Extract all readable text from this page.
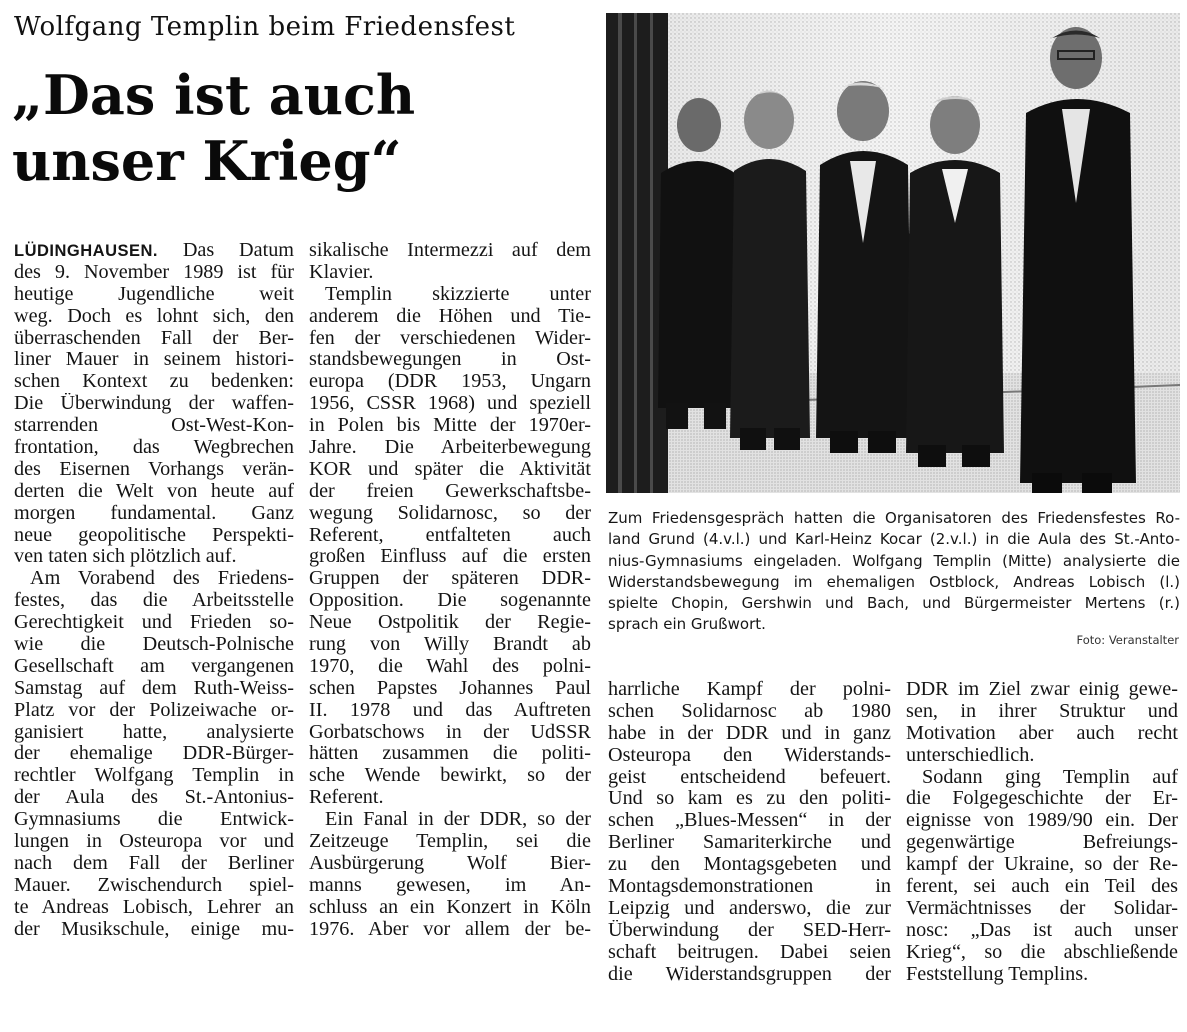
Wolfgang Templin beim Friedensfest
„Das ist auch
unser Krieg“
LÜDINGHAUSEN. Das Datum
des 9. November 1989 ist für
heutige Jugendliche weit
weg. Doch es lohnt sich, den
überraschenden Fall der Ber-
liner Mauer in seinem histori-
schen Kontext zu bedenken:
Die Überwindung der waffen-
starrenden Ost-West-Kon-
frontation, das Wegbrechen
des Eisernen Vorhangs verän-
derten die Welt von heute auf
morgen fundamental. Ganz
neue geopolitische Perspekti-
ven taten sich plötzlich auf.
Am Vorabend des Friedens-
festes, das die Arbeitsstelle
Gerechtigkeit und Frieden so-
wie die Deutsch-Polnische
Gesellschaft am vergangenen
Samstag auf dem Ruth-Weiss-
Platz vor der Polizeiwache or-
ganisiert hatte, analysierte
der ehemalige DDR-Bürger-
rechtler Wolfgang Templin in
der Aula des St.-Antonius-
Gymnasiums die Entwick-
lungen in Osteuropa vor und
nach dem Fall der Berliner
Mauer. Zwischendurch spiel-
te Andreas Lobisch, Lehrer an
der Musikschule, einige mu-
sikalische Intermezzi auf dem
Klavier.
Templin skizzierte unter
anderem die Höhen und Tie-
fen der verschiedenen Wider-
standsbewegungen in Ost-
europa (DDR 1953, Ungarn
1956, CSSR 1968) und speziell
in Polen bis Mitte der 1970er-
Jahre. Die Arbeiterbewegung
KOR und später die Aktivität
der freien Gewerkschaftsbe-
wegung Solidarnosc, so der
Referent, entfalteten auch
großen Einfluss auf die ersten
Gruppen der späteren DDR-
Opposition. Die sogenannte
Neue Ostpolitik der Regie-
rung von Willy Brandt ab
1970, die Wahl des polni-
schen Papstes Johannes Paul
II. 1978 und das Auftreten
Gorbatschows in der UdSSR
hätten zusammen die politi-
sche Wende bewirkt, so der
Referent.
Ein Fanal in der DDR, so der
Zeitzeuge Templin, sei die
Ausbürgerung Wolf Bier-
manns gewesen, im An-
schluss an ein Konzert in Köln
1976. Aber vor allem der be-
Zum Friedensgespräch hatten die Organisatoren des Friedensfestes Ro-
land Grund (4.v.l.) und Karl-Heinz Kocar (2.v.l.) in die Aula des St.-Anto-
nius-Gymnasiums eingeladen. Wolfgang Templin (Mitte) analysierte die
Widerstandsbewegung im ehemaligen Ostblock, Andreas Lobisch (l.)
spielte Chopin, Gershwin und Bach, und Bürgermeister Mertens (r.)
sprach ein Grußwort.
Foto: Veranstalter
harrliche Kampf der polni-
schen Solidarnosc ab 1980
habe in der DDR und in ganz
Osteuropa den Widerstands-
geist entscheidend befeuert.
Und so kam es zu den politi-
schen „Blues-Messen“ in der
Berliner Samariterkirche und
zu den Montagsgebeten und
Montagsdemonstrationen in
Leipzig und anderswo, die zur
Überwindung der SED-Herr-
schaft beitrugen. Dabei seien
die Widerstandsgruppen der
DDR im Ziel zwar einig gewe-
sen, in ihrer Struktur und
Motivation aber auch recht
unterschiedlich.
Sodann ging Templin auf
die Folgegeschichte der Er-
eignisse von 1989/90 ein. Der
gegenwärtige Befreiungs-
kampf der Ukraine, so der Re-
ferent, sei auch ein Teil des
Vermächtnisses der Solidar-
nosc: „Das ist auch unser
Krieg“, so die abschließende
Feststellung Templins.
